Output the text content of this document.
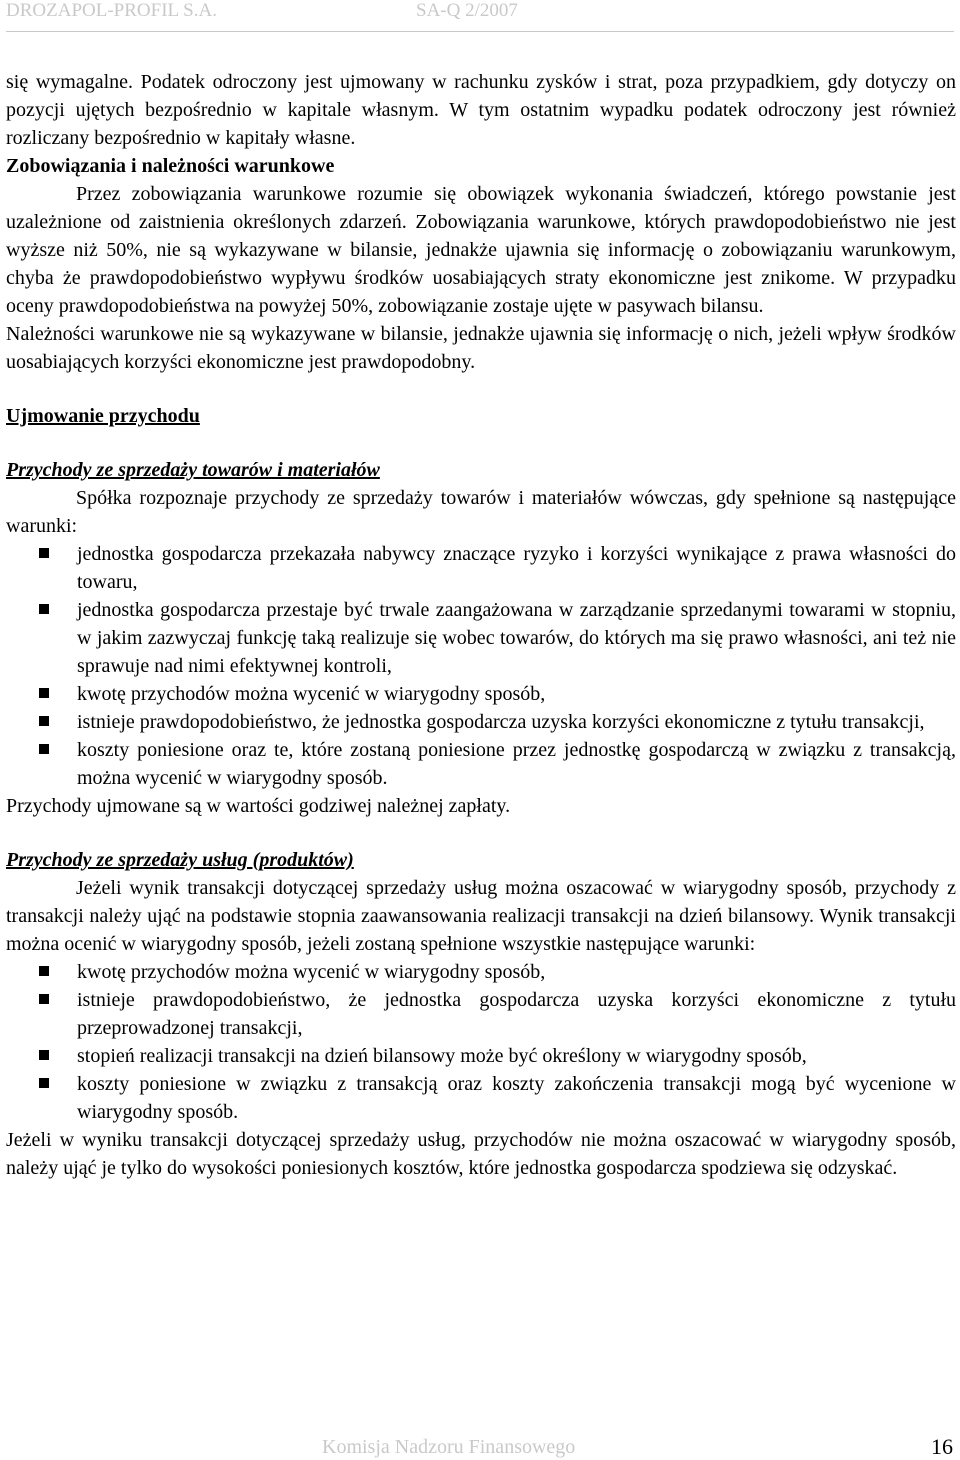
DROZAPOL-PROFIL S.A.	SA-Q 2/2007

się wymagalne. Podatek odroczony jest ujmowany w rachunku zysków i strat, poza przypadkiem, gdy dotyczy on pozycji ujętych bezpośrednio w kapitale własnym. W tym ostatnim wypadku podatek odroczony jest również rozliczany bezpośrednio w kapitały własne.

Zobowiązania i należności warunkowe

Przez zobowiązania warunkowe rozumie się obowiązek wykonania świadczeń, którego powstanie jest uzależnione od zaistnienia określonych zdarzeń. Zobowiązania warunkowe, których prawdopodobieństwo nie jest wyższe niż 50%, nie są wykazywane w bilansie, jednakże ujawnia się informację o zobowiązaniu warunkowym, chyba że prawdopodobieństwo wypływu środków uosabiających straty ekonomiczne jest znikome. W przypadku oceny prawdopodobieństwa na powyżej 50%, zobowiązanie zostaje ujęte w pasywach bilansu.

Należności warunkowe nie są wykazywane w bilansie, jednakże ujawnia się informację o nich, jeżeli wpływ środków uosabiających korzyści ekonomiczne jest prawdopodobny.

Ujmowanie przychodu

Przychody ze sprzedaży towarów i materiałów

Spółka rozpoznaje przychody ze sprzedaży towarów i materiałów wówczas, gdy spełnione są następujące warunki:

jednostka gospodarcza przekazała nabywcy znaczące ryzyko i korzyści wynikające z prawa własności do towaru,
jednostka gospodarcza przestaje być trwale zaangażowana w zarządzanie sprzedanymi towarami w stopniu, w jakim zazwyczaj funkcję taką realizuje się wobec towarów, do których ma się prawo własności, ani też nie sprawuje nad nimi efektywnej kontroli,
kwotę przychodów można wycenić w wiarygodny sposób,
istnieje prawdopodobieństwo, że jednostka gospodarcza uzyska korzyści ekonomiczne z tytułu transakcji,
koszty poniesione oraz te, które zostaną poniesione przez jednostkę gospodarczą w związku z transakcją, można wycenić w wiarygodny sposób.

Przychody ujmowane są w wartości godziwej należnej zapłaty.

Przychody ze sprzedaży usług (produktów)

Jeżeli wynik transakcji dotyczącej sprzedaży usług można oszacować w wiarygodny sposób, przychody z transakcji należy ująć na podstawie stopnia zaawansowania realizacji transakcji na dzień bilansowy. Wynik transakcji można ocenić w wiarygodny sposób, jeżeli zostaną spełnione wszystkie następujące warunki:

kwotę przychodów można wycenić w wiarygodny sposób,
istnieje prawdopodobieństwo, że jednostka gospodarcza uzyska korzyści ekonomiczne z tytułu przeprowadzonej transakcji,
stopień realizacji transakcji na dzień bilansowy może być określony w wiarygodny sposób,
koszty poniesione w związku z transakcją oraz koszty zakończenia transakcji mogą być wycenione w wiarygodny sposób.

Jeżeli w wyniku transakcji dotyczącej sprzedaży usług, przychodów nie można oszacować w wiarygodny sposób, należy ująć je tylko do wysokości poniesionych kosztów, które jednostka gospodarcza spodziewa się odzyskać.

Komisja Nadzoru Finansowego	16
